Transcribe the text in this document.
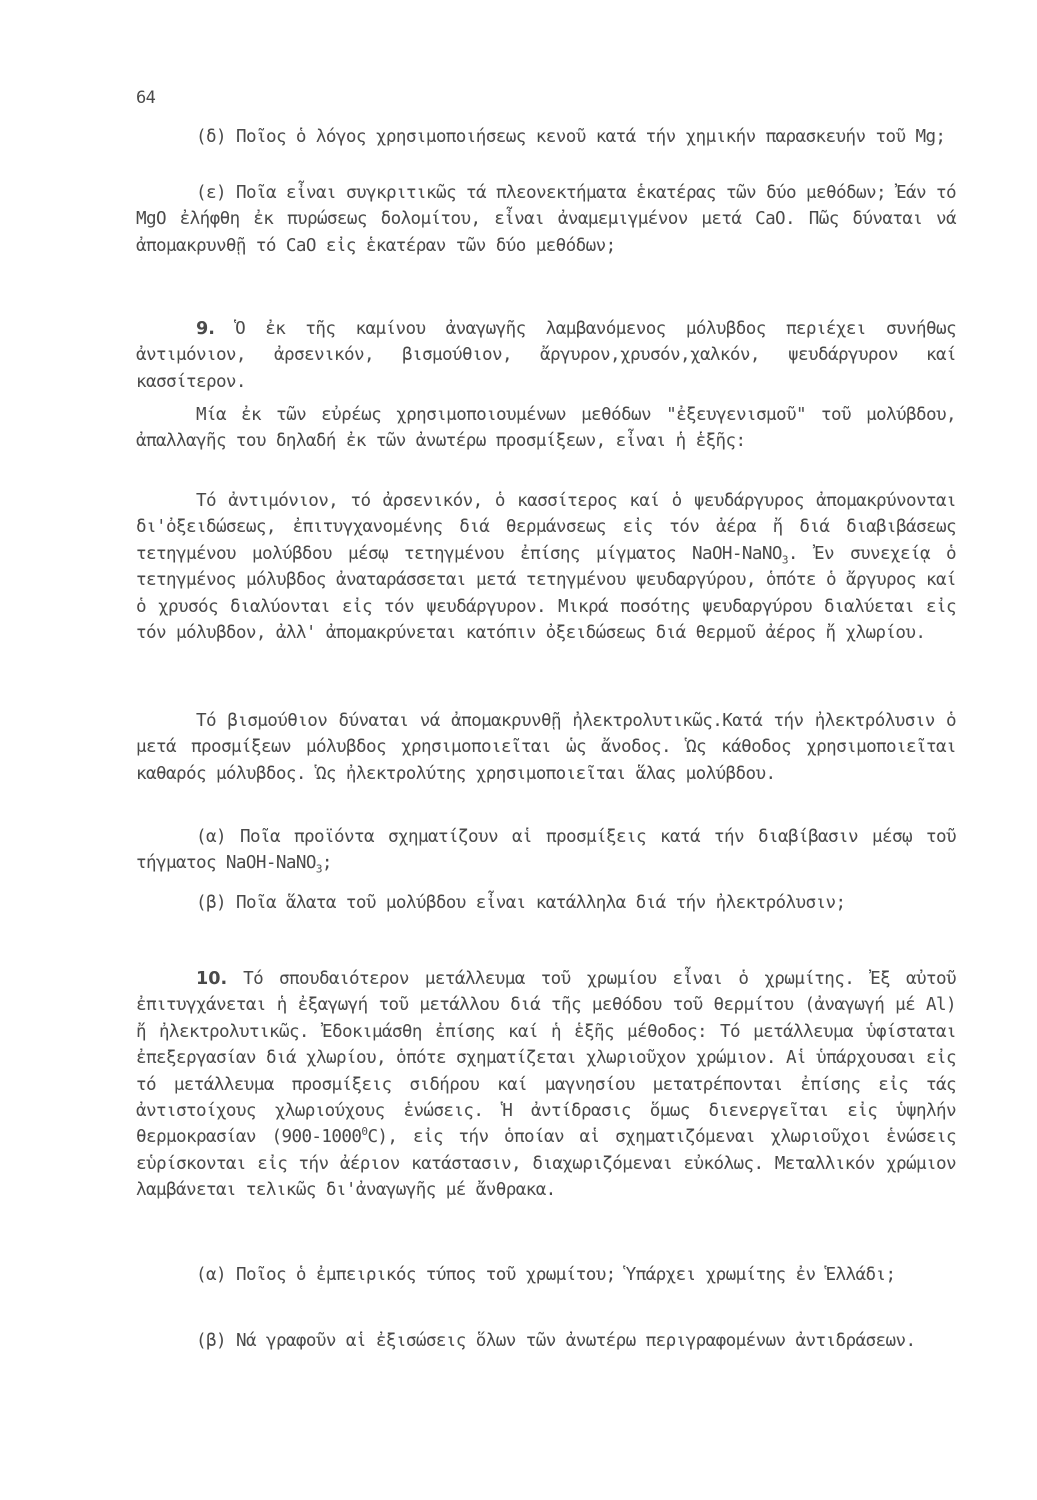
64

(δ) Ποῖος ὁ λόγος χρησιμοποιήσεως κενοῦ κατά τήν χημικήν παρασκευήν τοῦ Mg;

(ε) Ποῖα εἶναι συγκριτικῶς τά πλεονεκτήματα ἑκατέρας τῶν δύο μεθόδων; Ἐάν τό MgO ἐλήφθη ἐκ πυρώσεως δολομίτου, εἶναι ἀναμεμιγμένον μετά CaO. Πῶς δύναται νά ἀπομακρυνθῇ τό CaO εἰς ἑκατέραν τῶν δύο μεθόδων;

9. Ὁ ἐκ τῆς καμίνου ἀναγωγῆς λαμβανόμενος μόλυβδος περιέχει συνήθως ἀντιμόνιον, ἀρσενικόν, βισμούθιον, ἄργυρον,χρυσόν,χαλκόν, ψευδάργυρον καί κασσίτερον.

Μία ἐκ τῶν εὐρέως χρησιμοποιουμένων μεθόδων "ἐξευγενισμοῦ" τοῦ μολύβδου, ἀπαλλαγῆς του δηλαδή ἐκ τῶν ἀνωτέρω προσμίξεων, εἶναι ἡ ἑξῆς:

Τό ἀντιμόνιον, τό ἀρσενικόν, ὁ κασσίτερος καί ὁ ψευδάργυρος ἀπομακρύνονται δι'ὀξειδώσεως, ἐπιτυγχανομένης διά θερμάνσεως εἰς τόν ἀέρα ἤ διά διαβιβάσεως τετηγμένου μολύβδου μέσῳ τετηγμένου ἐπίσης μίγματος NaOH-NaNO$_3$. Ἐν συνεχείᾳ ὁ τετηγμένος μόλυβδος ἀναταράσσεται μετά τετηγμένου ψευδαργύρου, ὁπότε ὁ ἄργυρος καί ὁ χρυσός διαλύονται εἰς τόν ψευδάργυρον. Μικρά ποσότης ψευδαργύρου διαλύεται εἰς τόν μόλυβδον, ἀλλ' ἀπομακρύνεται κατόπιν ὀξειδώσεως διά θερμοῦ ἀέρος ἤ χλωρίου.

Τό βισμούθιον δύναται νά ἀπομακρυνθῇ ἠλεκτρολυτικῶς.Κατά τήν ἠλεκτρόλυσιν ὁ μετά προσμίξεων μόλυβδος χρησιμοποιεῖται ὡς ἄνοδος. Ὡς κάθοδος χρησιμοποιεῖται καθαρός μόλυβδος. Ὡς ἠλεκτρολύτης χρησιμοποιεῖται ἅλας μολύβδου.

(α) Ποῖα προϊόντα σχηματίζουν αἱ προσμίξεις κατά τήν διαβίβασιν μέσῳ τοῦ τήγματος NaOH-NaNO$_3$;

(β) Ποῖα ἅλατα τοῦ μολύβδου εἶναι κατάλληλα διά τήν ἠλεκτρόλυσιν;

10. Τό σπουδαιότερον μετάλλευμα τοῦ χρωμίου εἶναι ὁ χρωμίτης. Ἐξ αὐτοῦ ἐπιτυγχάνεται ἡ ἐξαγωγή τοῦ μετάλλου διά τῆς μεθόδου τοῦ θερμίτου (ἀναγωγή μέ Al) ἤ ἠλεκτρολυτικῶς. Ἐδοκιμάσθη ἐπίσης καί ἡ ἑξῆς μέθοδος: Τό μετάλλευμα ὑφίσταται ἐπεξεργασίαν διά χλωρίου, ὁπότε σχηματίζεται χλωριοῦχον χρώμιον. Αἱ ὑπάρχουσαι εἰς τό μετάλλευμα προσμίξεις σιδήρου καί μαγνησίου μετατρέπονται ἐπίσης εἰς τάς ἀντιστοίχους χλωριούχους ἑνώσεις. Ἡ ἀντίδρασις ὅμως διενεργεῖται εἰς ὑψηλήν θερμοκρασίαν (900-1000$^0$C), εἰς τήν ὁποίαν αἱ σχηματιζόμεναι χλωριοῦχοι ἑνώσεις εὑρίσκονται εἰς τήν ἀέριον κατάστασιν, διαχωριζόμεναι εὐκόλως. Μεταλλικόν χρώμιον λαμβάνεται τελικῶς δι'ἀναγωγῆς μέ ἄνθρακα.

(α) Ποῖος ὁ ἐμπειρικός τύπος τοῦ χρωμίτου; Ὑπάρχει χρωμίτης ἐν Ἑλλάδι;

(β) Νά γραφοῦν αἱ ἐξισώσεις ὅλων τῶν ἀνωτέρω περιγραφομένων ἀντιδράσεων.
